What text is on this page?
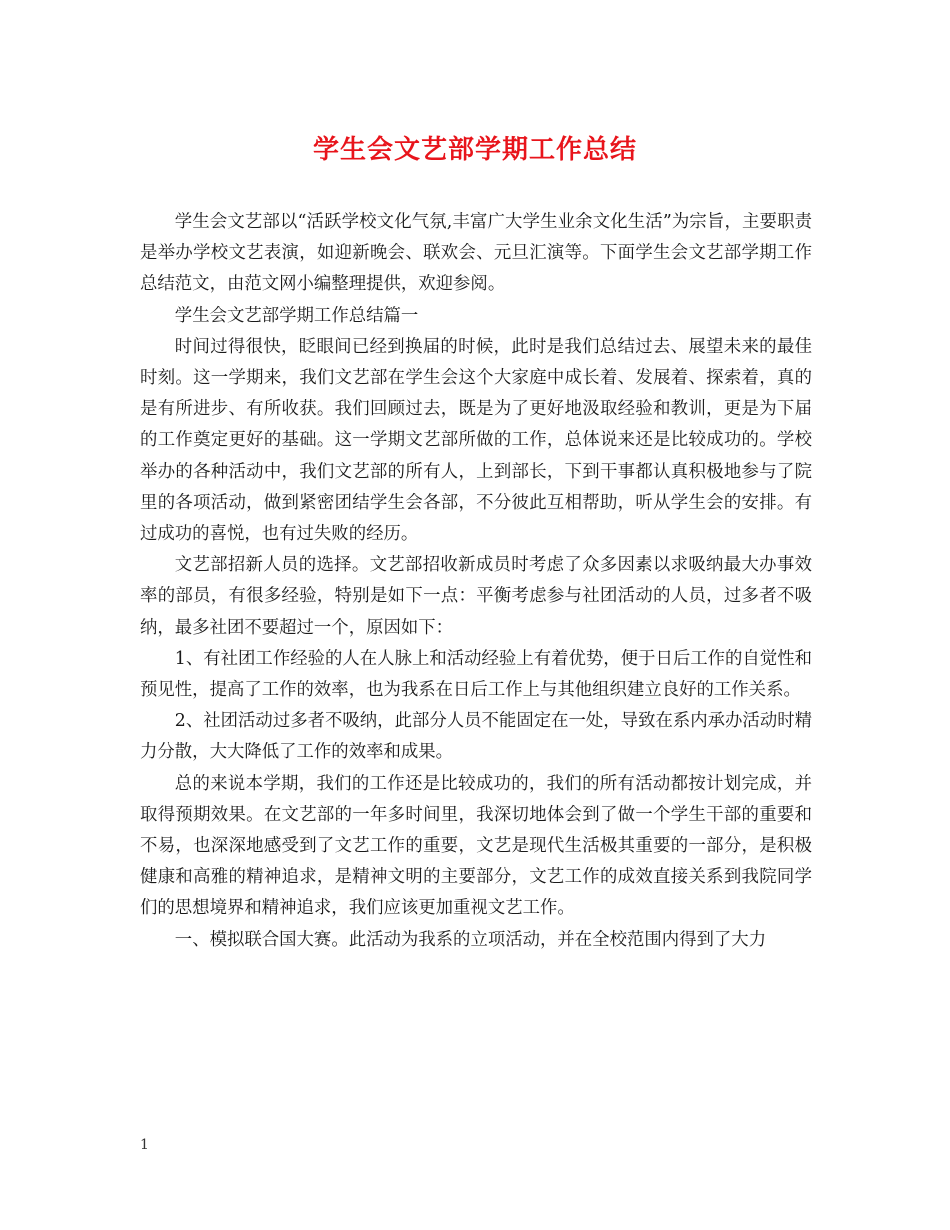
学生会文艺部学期工作总结

学生会文艺部以“活跃学校文化气氛,丰富广大学生业余文化生活”为宗旨，主要职责是举办学校文艺表演，如迎新晚会、联欢会、元旦汇演等。下面学生会文艺部学期工作总结范文，由范文网小编整理提供，欢迎参阅。

学生会文艺部学期工作总结篇一

时间过得很快，眨眼间已经到换届的时候，此时是我们总结过去、展望未来的最佳时刻。这一学期来，我们文艺部在学生会这个大家庭中成长着、发展着、探索着，真的是有所进步、有所收获。我们回顾过去，既是为了更好地汲取经验和教训，更是为下届的工作奠定更好的基础。这一学期文艺部所做的工作，总体说来还是比较成功的。学校举办的各种活动中，我们文艺部的所有人，上到部长，下到干事都认真积极地参与了院里的各项活动，做到紧密团结学生会各部，不分彼此互相帮助，听从学生会的安排。有过成功的喜悦，也有过失败的经历。

文艺部招新人员的选择。文艺部招收新成员时考虑了众多因素以求吸纳最大办事效率的部员，有很多经验，特别是如下一点：平衡考虑参与社团活动的人员，过多者不吸纳，最多社团不要超过一个，原因如下：

1、有社团工作经验的人在人脉上和活动经验上有着优势，便于日后工作的自觉性和预见性，提高了工作的效率，也为我系在日后工作上与其他组织建立良好的工作关系。

2、社团活动过多者不吸纳，此部分人员不能固定在一处，导致在系内承办活动时精力分散，大大降低了工作的效率和成果。

总的来说本学期，我们的工作还是比较成功的，我们的所有活动都按计划完成，并取得预期效果。在文艺部的一年多时间里，我深切地体会到了做一个学生干部的重要和不易，也深深地感受到了文艺工作的重要，文艺是现代生活极其重要的一部分，是积极健康和高雅的精神追求，是精神文明的主要部分，文艺工作的成效直接关系到我院同学们的思想境界和精神追求，我们应该更加重视文艺工作。

一、模拟联合国大赛。此活动为我系的立项活动，并在全校范围内得到了大力

1
